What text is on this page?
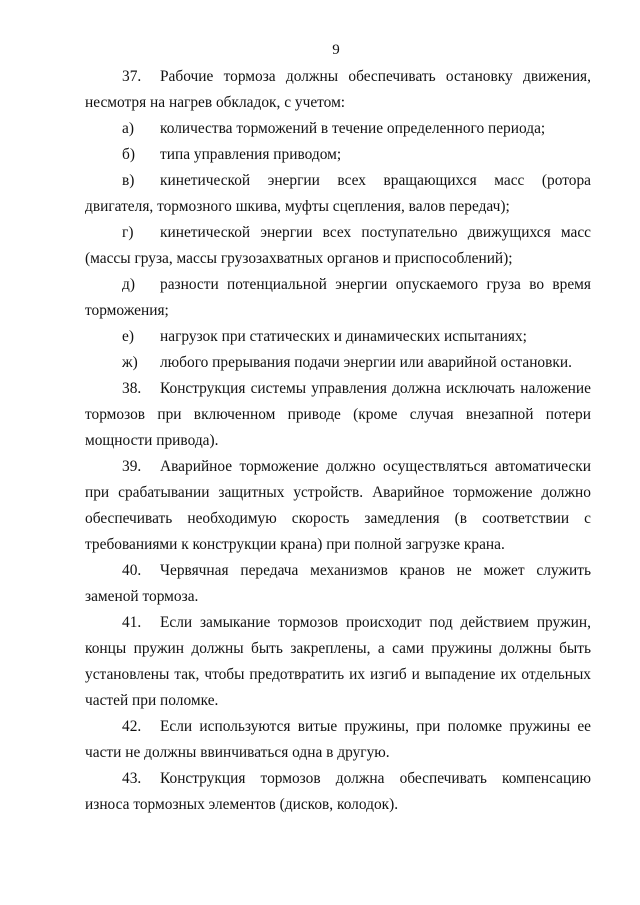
9

37. Рабочие тормоза должны обеспечивать остановку движения, несмотря на нагрев обкладок, с учетом:

а) количества торможений в течение определенного периода;

б) типа управления приводом;

в) кинетической энергии всех вращающихся масс (ротора двигателя, тормозного шкива, муфты сцепления, валов передач);

г) кинетической энергии всех поступательно движущихся масс (массы груза, массы грузозахватных органов и приспособлений);

д) разности потенциальной энергии опускаемого груза во время торможения;

е) нагрузок при статических и динамических испытаниях;

ж) любого прерывания подачи энергии или аварийной остановки.

38. Конструкция системы управления должна исключать наложение тормозов при включенном приводе (кроме случая внезапной потери мощности привода).

39. Аварийное торможение должно осуществляться автоматически при срабатывании защитных устройств. Аварийное торможение должно обеспечивать необходимую скорость замедления (в соответствии с требованиями к конструкции крана) при полной загрузке крана.

40. Червячная передача механизмов кранов не может служить заменой тормоза.

41. Если замыкание тормозов происходит под действием пружин, концы пружин должны быть закреплены, а сами пружины должны быть установлены так, чтобы предотвратить их изгиб и выпадение их отдельных частей при поломке.

42. Если используются витые пружины, при поломке пружины ее части не должны ввинчиваться одна в другую.

43. Конструкция тормозов должна обеспечивать компенсацию износа тормозных элементов (дисков, колодок).
